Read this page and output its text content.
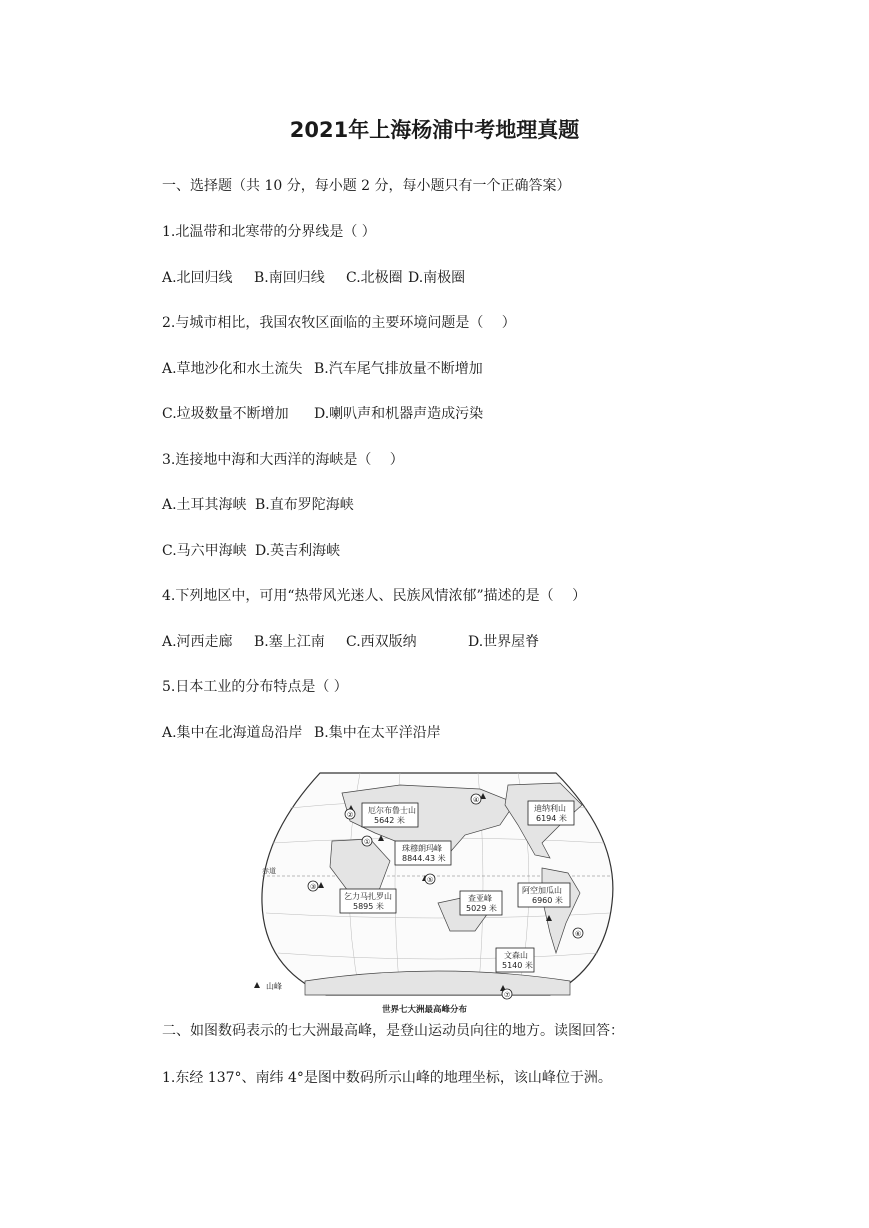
2021年上海杨浦中考地理真题
一、选择题（共 10 分，每小题 2 分，每小题只有一个正确答案）
1.北温带和北寒带的分界线是（ ）
A.北回归线 B.南回归线 C.北极圈 D.南极圈
2.与城市相比，我国农牧区面临的主要环境问题是（　 ）
A.草地沙化和水土流失 B.汽车尾气排放量不断增加
C.垃圾数量不断增加 D.喇叭声和机器声造成污染
3.连接地中海和大西洋的海峡是（　 ）
A.土耳其海峡 B.直布罗陀海峡
C.马六甲海峡 D.英吉利海峡
4.下列地区中，可用“热带风光迷人、民族风情浓郁”描述的是（　 ）
A.河西走廊 B.塞上江南 C.西双版纳	D.世界屋脊
5.日本工业的分布特点是（ ）
A.集中在北海道岛沿岸 B.集中在太平洋沿岸
赤道
②
①
④
③
⑤
⑥
⑦
厄尔布鲁士山
5642 米
珠穆朗玛峰
8844.43 米
迪纳利山
6194 米
乞力马扎罗山
5895 米
查亚峰
5029 米
阿空加瓜山
6960 米
文森山
5140 米
山峰
世界七大洲最高峰分布
二、如图数码表示的七大洲最高峰，是登山运动员向往的地方。读图回答：
1.东经 137°、南纬 4°是图中数码所示山峰的地理坐标，该山峰位于洲。
